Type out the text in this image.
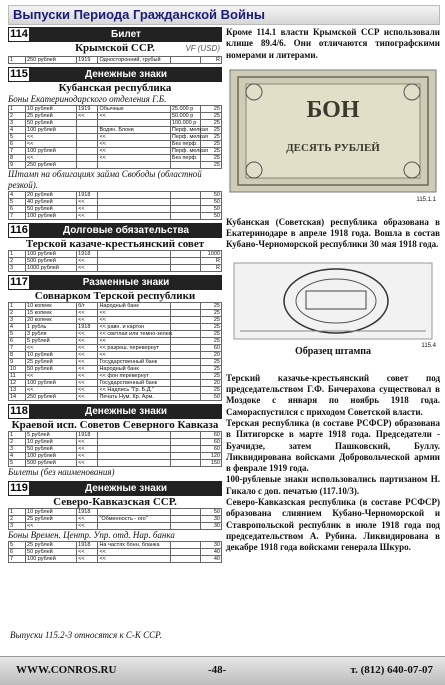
Выпуски Периода Гражданской Войны
114	Билет
Крымской ССР.	VF (USD)
1	250 рублей	1919	Односторонний, грубый		R
115	Денежные знаки
Кубанская республика
Боны Екатеринодарского отделения Г.Б.
1	10 рублей	1919	Обычные	25.000 р	25
2	25 рублей	<<	<<	50.000 р	25
3	50 рублей			100.000 р	25
4	100 рублей		Водян. Блоки	Перф. мелкая	25
5	<<		<<	Перф. мелкая	25
6	<<		<<	Без перф.	25
7	100 рублей		<<	Перф. мелкая	25
8	<<		<<	Без перф.	25
9	250 рублей				25
Штамп на облигациях займа Свободы (областной резкой).
4	20 рублей	1918			50
5	40 рублей	<<			50
6	50 рублей	<<			50
7	100 рублей	<<			50
116	Долговые обязательства
Терской казаче-крестьянский совет
1	100 рублей	1918			1000
2	500 рублей	<<			R
3	1000 рублей	<<			R
117	Разменные знаки
Совнарком Терской республики
1	10 копеек	б/г	Народный банк		25
2	15 копеек	<<	<<		25
3	20 копеек	<<	<<		25
4	1 рубль	1918	<< равн. и картон		25
5	3 рубля	<<	<< светлая или темно-зелен.		25
6	5 рублей	<<	<<		25
7	<<	<<	<< разреш. перевернут		60
8	10 рублей	<<	<<		20
9	25 рублей	<<	Государственный банк		25
10	50 рублей	<<	Народный банк		25
11	<<	<<	<< фон перевернут		25
12	100 рублей	<<	Государственный банк		20
13	<<	<<	<< Надпись "Гр. Б.Д."		25
14	250 рублей	<<	Печать Нум. Кр. Арм.		50
118	Денежные знаки
Краевой исп. Советов Северного Кавказа
1	5 рублей	1918			60
2	10 рублей	<<			60
3	50 рублей	<<			60
4	100 рублей	<<			120
5	500 рублей	<<			150
Билеты (без наименования)
119	Денежные знаки
Северо-Кавказская ССР.
1	10 рублей	1918			50
2	25 рублей	<<	"Обменность - ого"		30
3	<<	<<			30
Боны Времен. Центр. Упр. отд. Нар. банка
5	25 рублей	1918	На частях бонн. бланка		30
6	50 рублей	<<	<<		40
7	100 рублей	<<	<<		40
Выпуски 115.2-3 относятся к С-К ССР.
Кроме 114.1 власти Крымской ССР использовали клише 89.4/6. Они отличаются типографскими номерами и литерами.
БОН
ДЕСЯТЬ РУБЛЕЙ
115.1.1
Кубанская (Советская) республика образована в Екатеринодаре в апреле 1918 года. Вошла в состав Кубано-Черноморской республики 30 мая 1918 года.
Образец штампа	115.4
Терский казачье-крестьянский совет под председательством Г.Ф. Бичерахова существовал в Моздоке с января по ноябрь 1918 года. Самораспустился с приходом Советской власти.
Терская республика (в составе РСФСР) образована в Пятигорске в марте 1918 года. Председатели - Буачидзе, затем Пашковский, Буллу. Ликвидирована войсками Добровольческой армии в феврале 1919 года.
100-рублевые знаки использовались партизаном Н. Гикало с доп. печатью (117.10/3).
Северо-Кавказская республика (в составе РСФСР) образована слиянием Кубано-Черноморской и Ставропольской республик в июле 1918 года под председательством А. Рубина. Ликвидирована в декабре 1918 года войсками генерала Шкуро.
WWW.CONROS.RU	-48-	т. (812) 640-07-07
